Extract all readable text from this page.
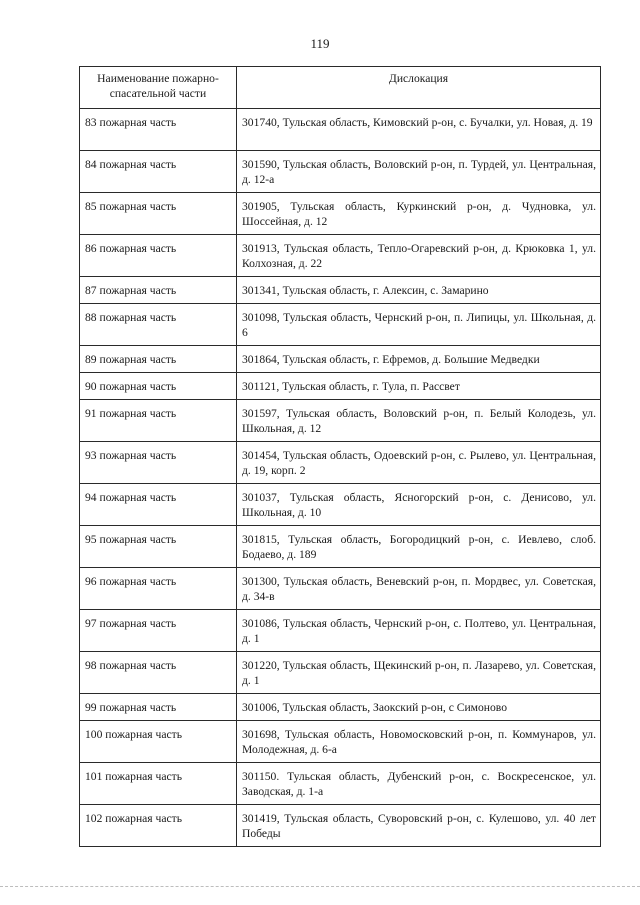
119
Наименование пожарно-спасательной части	Дислокация
83 пожарная часть	301740, Тульская область, Кимовский р-он, с. Бучалки, ул. Новая, д. 19
84 пожарная часть	301590, Тульская область, Воловский р-он, п. Турдей, ул. Центральная, д. 12-а
85 пожарная часть	301905, Тульская область, Куркинский р-он, д. Чудновка, ул. Шоссейная, д. 12
86 пожарная часть	301913, Тульская область, Тепло-Огаревский р-он, д. Крюковка 1, ул. Колхозная, д. 22
87 пожарная часть	301341, Тульская область, г. Алексин, с. Замарино
88 пожарная часть	301098, Тульская область, Чернский р-он, п. Липицы, ул. Школьная, д. 6
89 пожарная часть	301864, Тульская область, г. Ефремов, д. Большие Медведки
90 пожарная часть	301121, Тульская область, г. Тула, п. Рассвет
91 пожарная часть	301597, Тульская область, Воловский р-он, п. Белый Колодезь, ул. Школьная, д. 12
93 пожарная часть	301454, Тульская область, Одоевский р-он, с. Рылево, ул. Центральная, д. 19, корп. 2
94 пожарная часть	301037, Тульская область, Ясногорский р-он, с. Денисово, ул. Школьная, д. 10
95 пожарная часть	301815, Тульская область, Богородицкий р-он, с. Иевлево, слоб. Бодаево, д. 189
96 пожарная часть	301300, Тульская область, Веневский р-он, п. Мордвес, ул. Советская, д. 34-в
97 пожарная часть	301086, Тульская область, Чернский р-он, с. Полтево, ул. Центральная, д. 1
98 пожарная часть	301220, Тульская область, Щекинский р-он, п. Лазарево, ул. Советская, д. 1
99 пожарная часть	301006, Тульская область, Заокский р-он, с Симоново
100 пожарная часть	301698, Тульская область, Новомосковский р-он, п. Коммунаров, ул. Молодежная, д. 6-а
101 пожарная часть	301150. Тульская область, Дубенский р-он, с. Воскресенское, ул. Заводская, д. 1-а
102 пожарная часть	301419, Тульская область, Суворовский р-он, с. Кулешово, ул. 40 лет Победы
